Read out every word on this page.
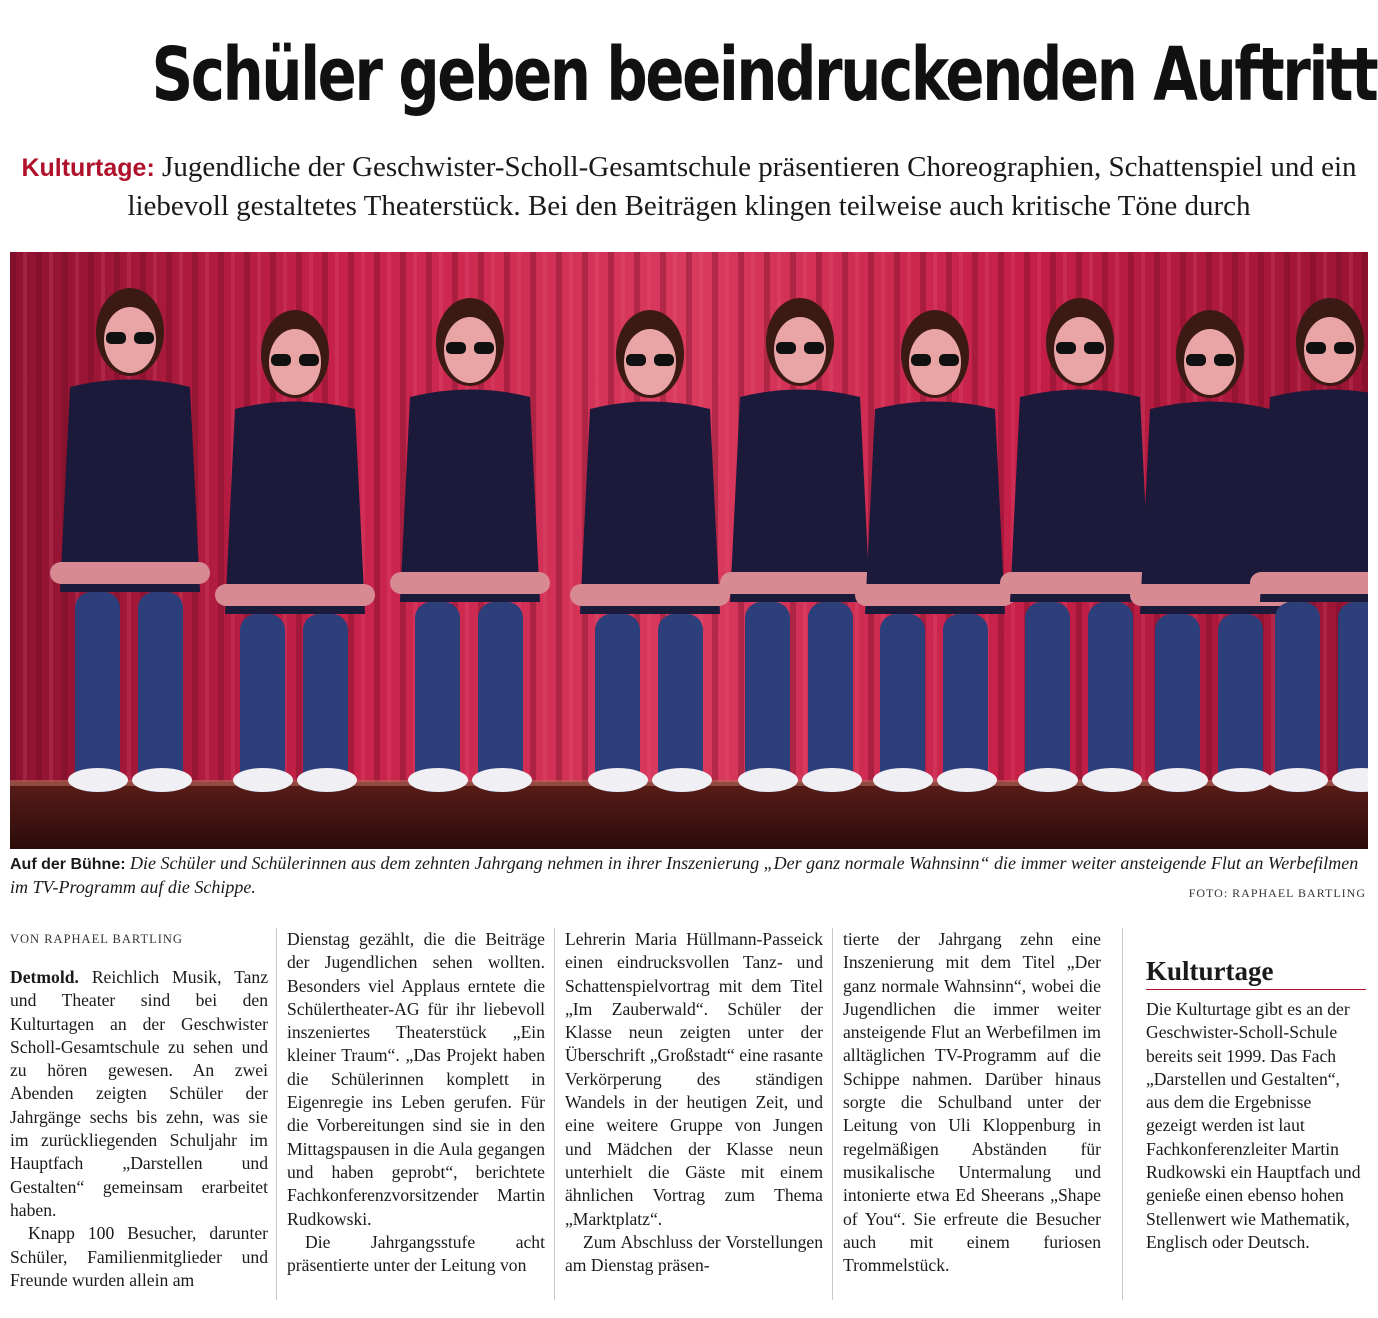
Schüler geben beeindruckenden Auftritt
Kulturtage: Jugendliche der Geschwister-Scholl-Gesamtschule präsentieren Choreographien, Schattenspiel und ein liebevoll gestaltetes Theaterstück. Bei den Beiträgen klingen teilweise auch kritische Töne durch
Auf der Bühne: Die Schüler und Schülerinnen aus dem zehnten Jahrgang nehmen in ihrer Inszenierung „Der ganz normale Wahnsinn“ die immer weiter ansteigende Flut an Werbefilmen im TV-Programm auf die Schippe.	FOTO: RAPHAEL BARTLING
VON RAPHAEL BARTLING

Detmold. Reichlich Musik, Tanz und Theater sind bei den Kulturtagen an der Geschwister Scholl-Gesamtschule zu sehen und zu hören gewesen. An zwei Abenden zeigten Schüler der Jahrgänge sechs bis zehn, was sie im zurückliegenden Schuljahr im Hauptfach „Darstellen und Gestalten“ gemeinsam erarbeitet haben.

Knapp 100 Besucher, darunter Schüler, Familienmitglieder und Freunde wurden allein am

Dienstag gezählt, die die Beiträge der Jugendlichen sehen wollten. Besonders viel Applaus erntete die Schülertheater-AG für ihr liebevoll inszeniertes Theaterstück „Ein kleiner Traum“. „Das Projekt haben die Schülerinnen komplett in Eigenregie ins Leben gerufen. Für die Vorbereitungen sind sie in den Mittagspausen in die Aula gegangen und haben geprobt“, berichtete Fachkonferenzvorsitzender Martin Rudkowski.

Die Jahrgangsstufe acht präsentierte unter der Leitung von

Lehrerin Maria Hüllmann-Passeick einen eindrucksvollen Tanz- und Schattenspielvortrag mit dem Titel „Im Zauberwald“. Schüler der Klasse neun zeigten unter der Überschrift „Großstadt“ eine rasante Verkörperung des ständigen Wandels in der heutigen Zeit, und eine weitere Gruppe von Jungen und Mädchen der Klasse neun unterhielt die Gäste mit einem ähnlichen Vortrag zum Thema „Marktplatz“.

Zum Abschluss der Vorstellungen am Dienstag präsen-

tierte der Jahrgang zehn eine Inszenierung mit dem Titel „Der ganz normale Wahnsinn“, wobei die Jugendlichen die immer weiter ansteigende Flut an Werbefilmen im alltäglichen TV-Programm auf die Schippe nahmen. Darüber hinaus sorgte die Schulband unter der Leitung von Uli Kloppenburg in regelmäßigen Abständen für musikalische Untermalung und intonierte etwa Ed Sheerans „Shape of You“. Sie erfreute die Besucher auch mit einem furiosen Trommelstück.

Kulturtage
Die Kulturtage gibt es an der Geschwister-Scholl-Schule bereits seit 1999. Das Fach „Darstellen und Gestalten“, aus dem die Ergebnisse gezeigt werden ist laut Fachkonferenzleiter Martin Rudkowski ein Hauptfach und genieße einen ebenso hohen Stellenwert wie Mathematik, Englisch oder Deutsch.
